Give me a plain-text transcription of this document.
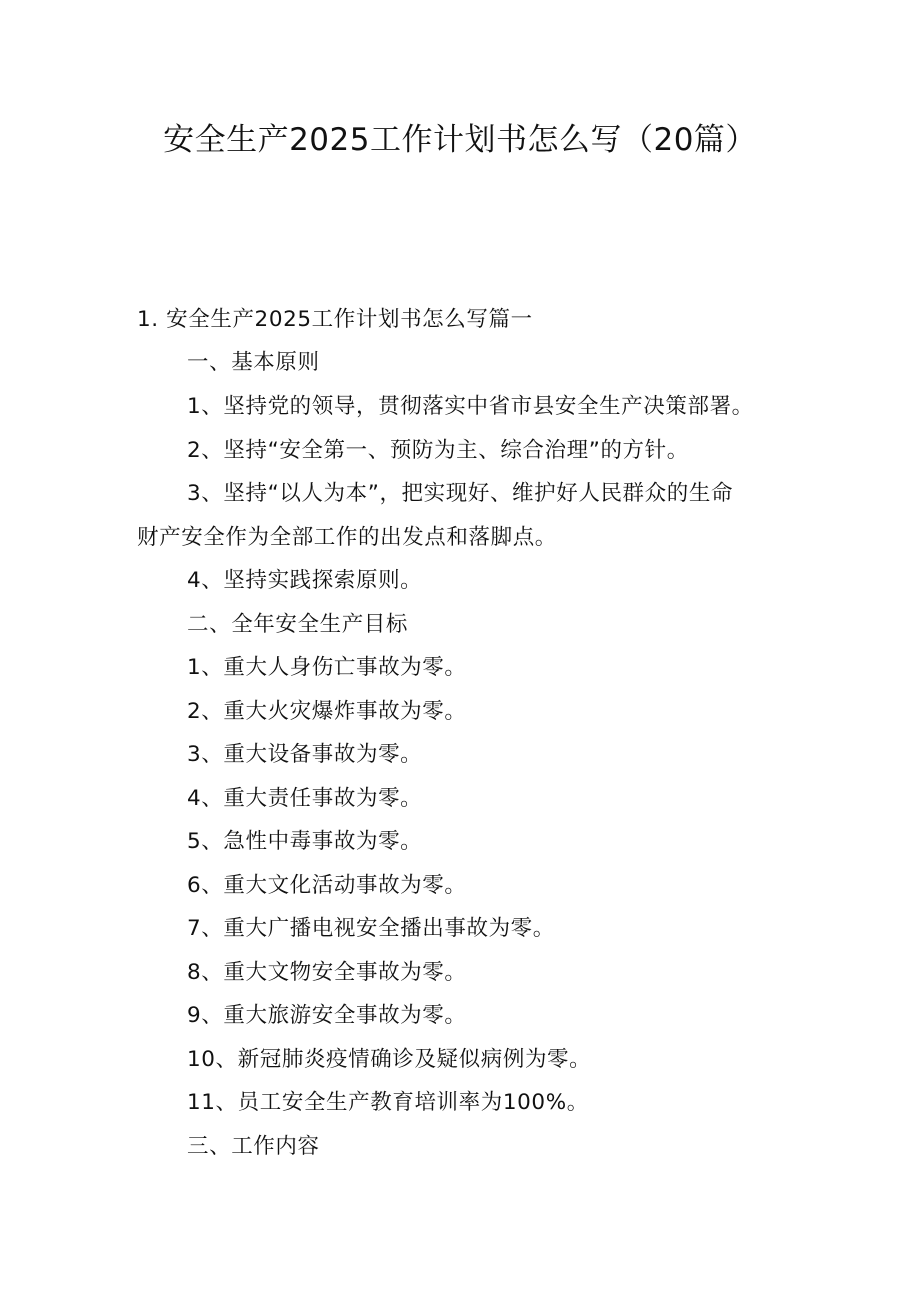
安全生产2025工作计划书怎么写（20篇）
1. 安全生产2025工作计划书怎么写篇一
一、基本原则
1、坚持党的领导，贯彻落实中省市县安全生产决策部署。
2、坚持“安全第一、预防为主、综合治理”的方针。
3、坚持“以人为本”，把实现好、维护好人民群众的生命
财产安全作为全部工作的出发点和落脚点。
4、坚持实践探索原则。
二、全年安全生产目标
1、重大人身伤亡事故为零。
2、重大火灾爆炸事故为零。
3、重大设备事故为零。
4、重大责任事故为零。
5、急性中毒事故为零。
6、重大文化活动事故为零。
7、重大广播电视安全播出事故为零。
8、重大文物安全事故为零。
9、重大旅游安全事故为零。
10、新冠肺炎疫情确诊及疑似病例为零。
11、员工安全生产教育培训率为100%。
三、工作内容
